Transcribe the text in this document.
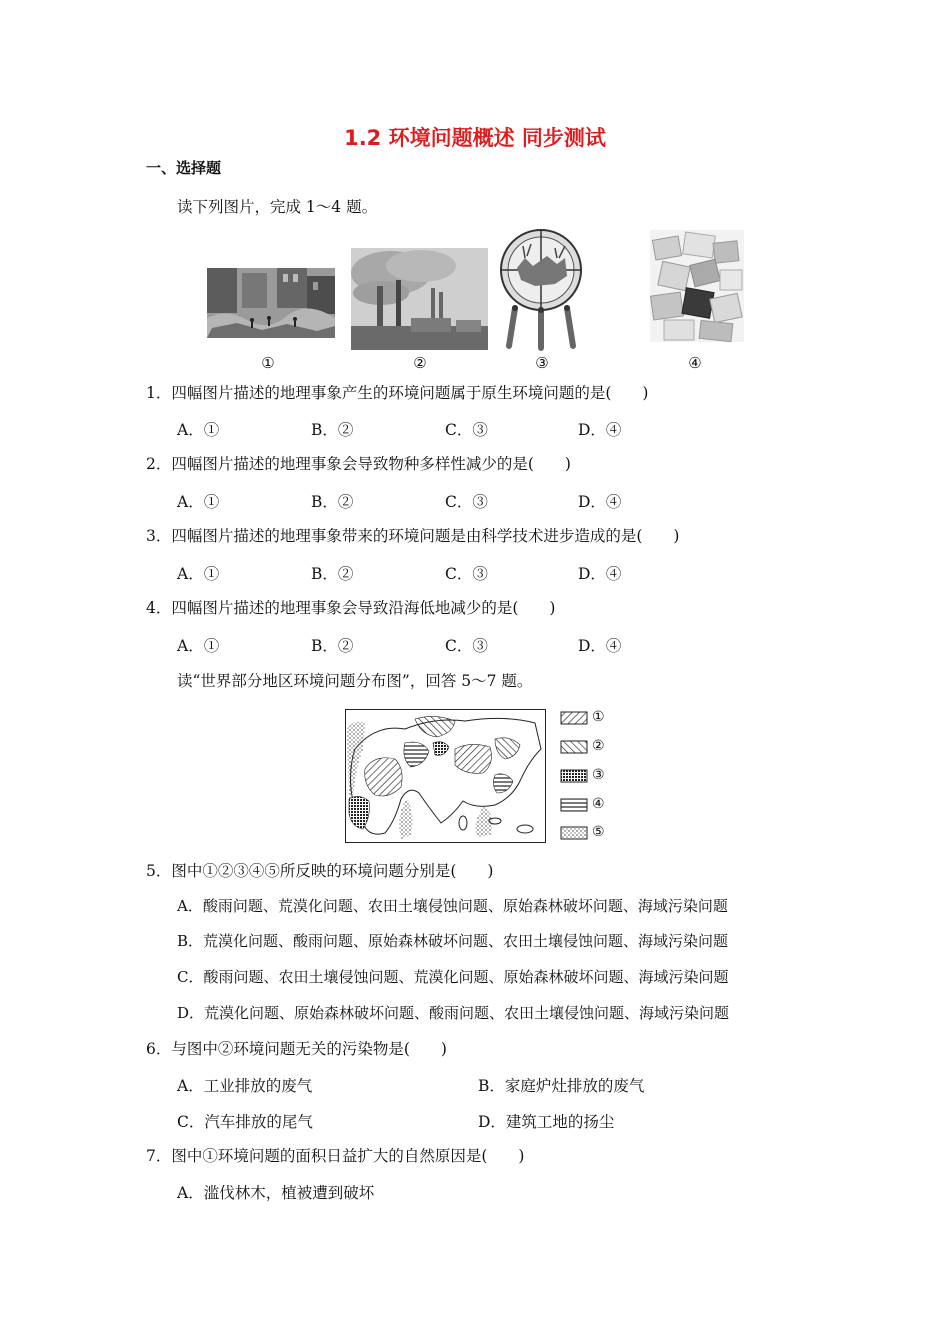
1.2 环境问题概述 同步测试
一、选择题
读下列图片，完成 1～4 题。
①	②	③	④
1．四幅图片描述的地理事象产生的环境问题属于原生环境问题的是(　　)
A．①	B．②	C．③	D．④
2．四幅图片描述的地理事象会导致物种多样性减少的是(　　)
A．①	B．②	C．③	D．④
3．四幅图片描述的地理事象带来的环境问题是由科学技术进步造成的是(　　)
A．①	B．②	C．③	D．④
4．四幅图片描述的地理事象会导致沿海低地减少的是(　　)
A．①	B．②	C．③	D．④
读“世界部分地区环境问题分布图”，回答 5～7 题。
①
②
③
④
⑤
5．图中①②③④⑤所反映的环境问题分别是(　　)
A．酸雨问题、荒漠化问题、农田土壤侵蚀问题、原始森林破坏问题、海域污染问题
B．荒漠化问题、酸雨问题、原始森林破坏问题、农田土壤侵蚀问题、海域污染问题
C．酸雨问题、农田土壤侵蚀问题、荒漠化问题、原始森林破坏问题、海域污染问题
D．荒漠化问题、原始森林破坏问题、酸雨问题、农田土壤侵蚀问题、海域污染问题
6．与图中②环境问题无关的污染物是(　　)
A．工业排放的废气	B．家庭炉灶排放的废气
C．汽车排放的尾气	D．建筑工地的扬尘
7．图中①环境问题的面积日益扩大的自然原因是(　　)
A．滥伐林木，植被遭到破坏
